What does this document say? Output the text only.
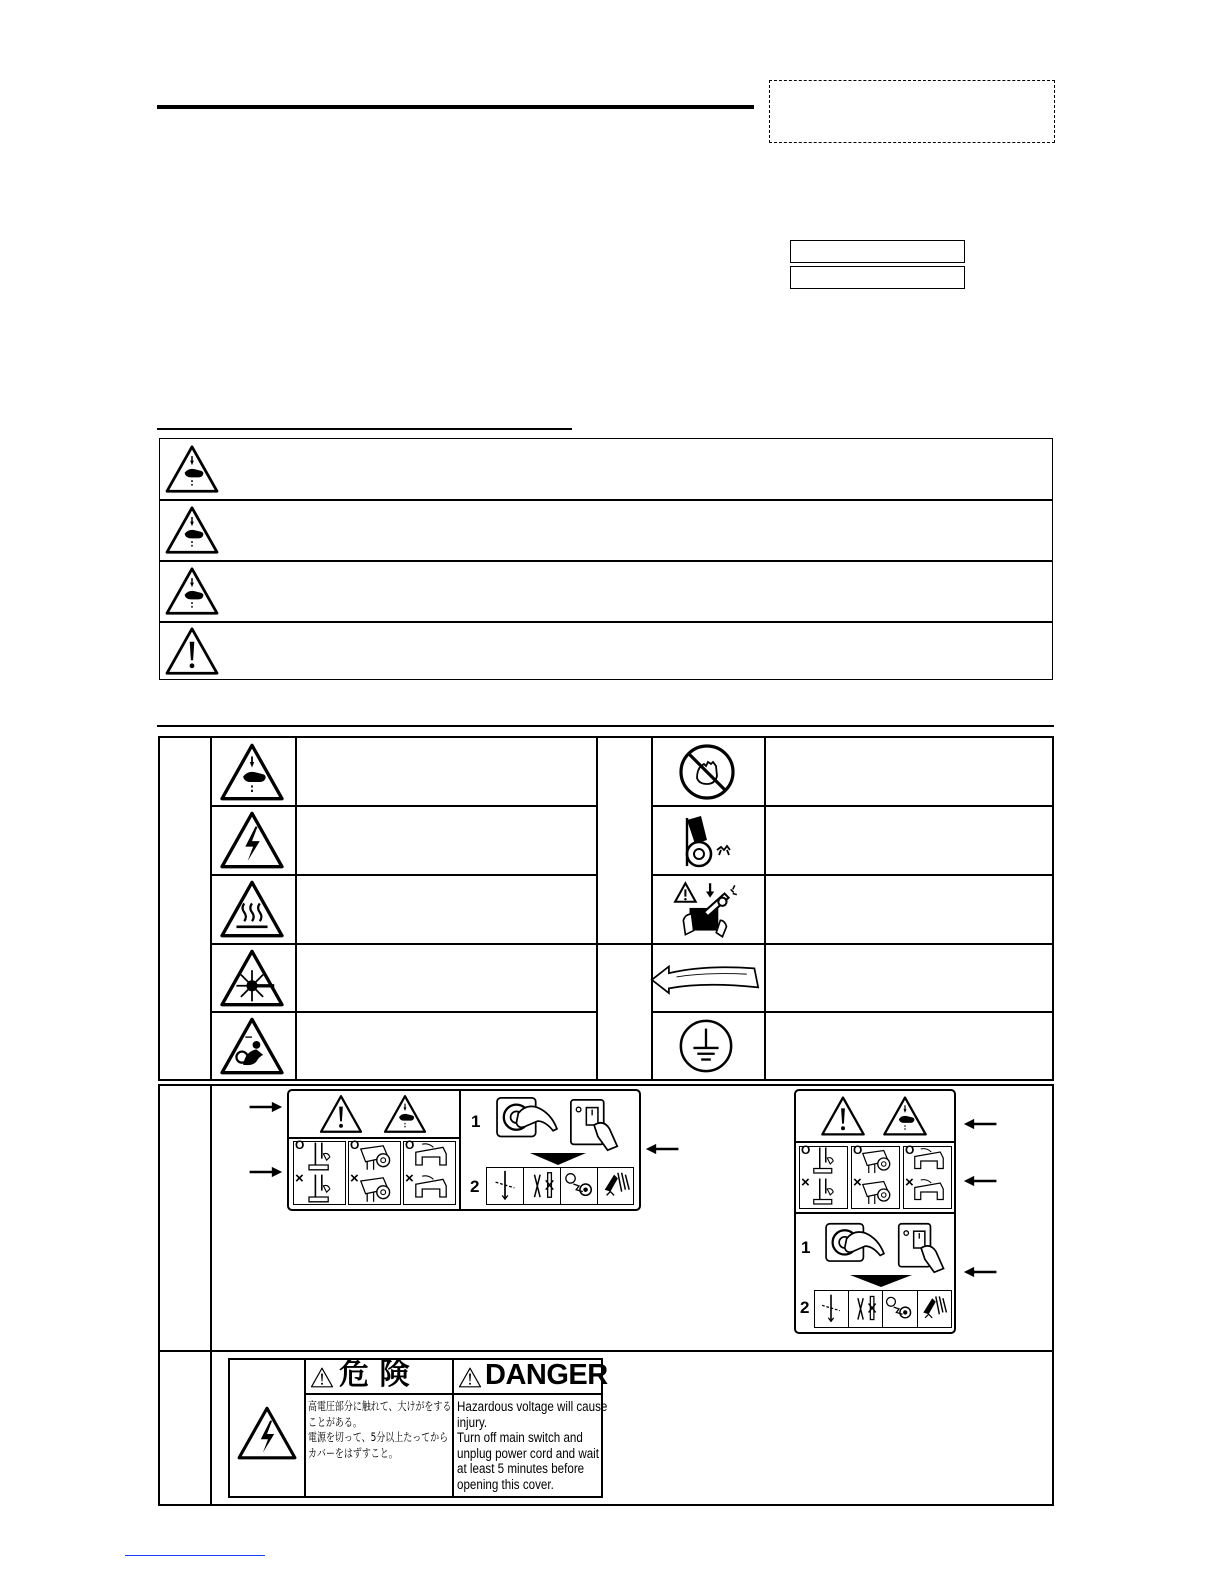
O	O	O
×	×	×
1
2
O	O	O
×	×	×
1
2
危 険	DANGER
高電圧部分に触れて、大けがをする
ことがある。
電源を切って、5分以上たってから
カバーをはずすこと。
Hazardous voltage will cause
injury.
Turn off main switch and
unplug power cord and wait
at least 5 minutes before
opening this cover.
